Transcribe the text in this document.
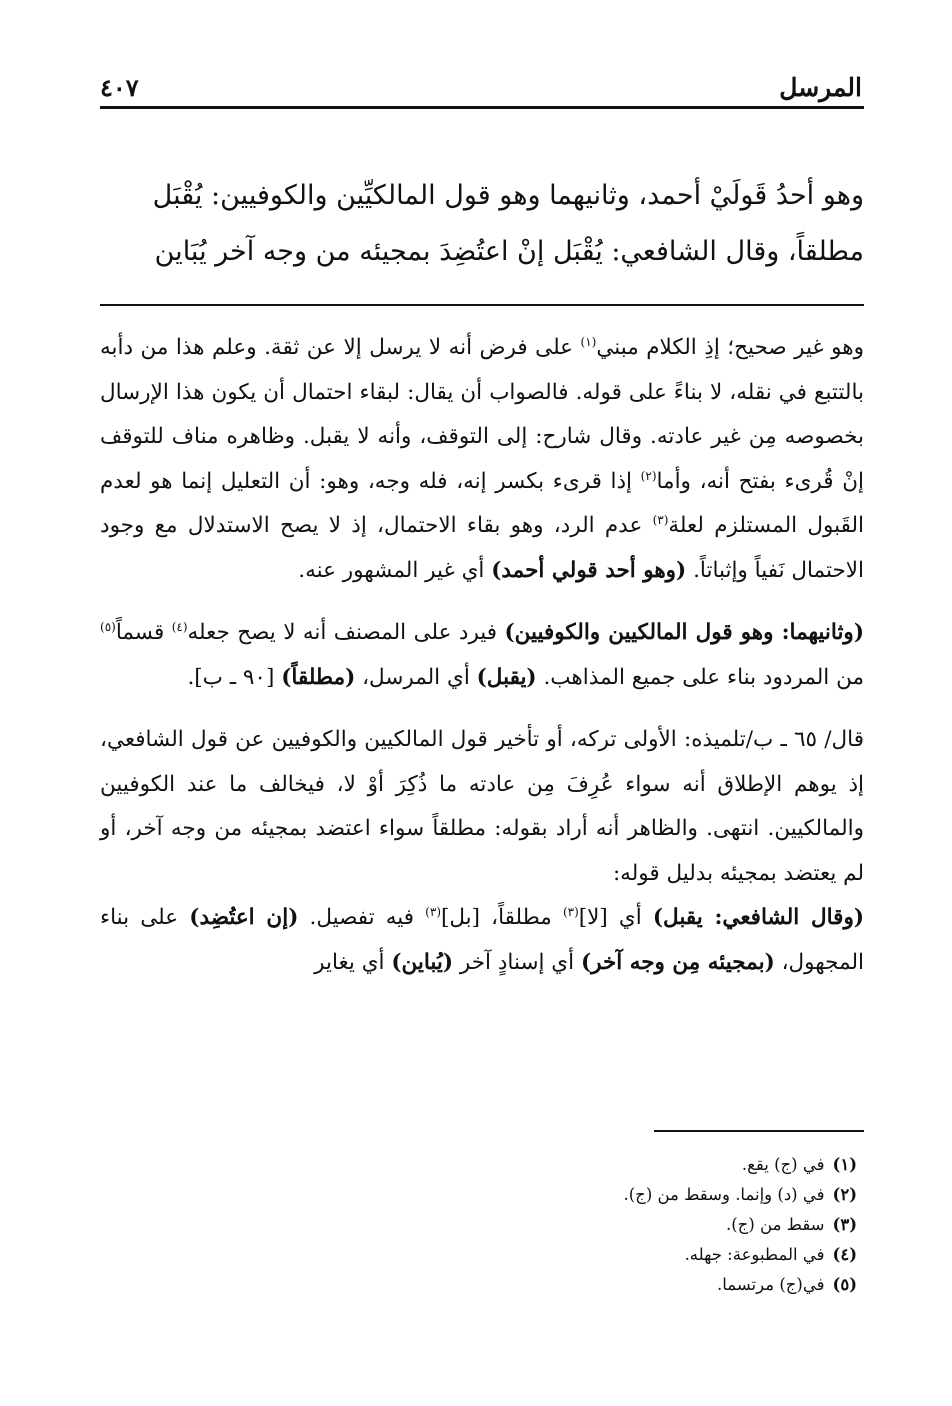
المرسل
٤٠٧

وهو أحدُ قَولَيْ أحمد، وثانيهما وهو قول المالكيِّين والكوفيين: يُقْبَل

مطلقاً، وقال الشافعي: يُقْبَل إنْ اعتُضِدَ بمجيئه من وجه آخر يُبَاين

وهو غير صحيح؛ إذِ الكلام مبني$^{(١)}$ على فرض أنه لا يرسل إلا عن ثقة. وعلم هذا من دأبه بالتتبع في نقله، لا بناءً على قوله. فالصواب أن يقال: لبقاء احتمال أن يكون هذا الإرسال بخصوصه مِن غير عادته. وقال شارح: إلى التوقف، وأنه لا يقبل. وظاهره مناف للتوقف إنْ قُرىء بفتح أنه، وأما$^{(٢)}$ إذا قرىء بكسر إنه، فله وجه، وهو: أن التعليل إنما هو لعدم القَبول المستلزم لعلة$^{(٣)}$ عدم الرد، وهو بقاء الاحتمال، إذ لا يصح الاستدلال مع وجود الاحتمال نَفياً وإثباتاً. (وهو أحد قولي أحمد) أي غير المشهور عنه.

(وثانيهما: وهو قول المالكيين والكوفيين) فيرد على المصنف أنه لا يصح جعله$^{(٤)}$ قسماً$^{(٥)}$ من المردود بناء على جميع المذاهب. (يقبل) أي المرسل، (مطلقاً) [٩٠ ـ ب].

قال/ ٦٥ ـ ب/تلميذه: الأولى تركه، أو تأخير قول المالكيين والكوفيين عن قول الشافعي، إذ يوهم الإطلاق أنه سواء عُرِفَ مِن عادته ما ذُكِرَ أوْ لا، فيخالف ما عند الكوفيين والمالكيين. انتهى. والظاهر أنه أراد بقوله: مطلقاً سواء اعتضد بمجيئه من وجه آخر، أو لم يعتضد بمجيئه بدليل قوله:

(وقال الشافعي: يقبل) أي [لا]$^{(٣)}$ مطلقاً، [بل]$^{(٣)}$ فيه تفصيل. (إن اعتُضِد) على بناء المجهول، (بمجيئه مِن وجه آخر) أي إسنادٍ آخر (يُباين) أي يغاير

(١)في (ج) يقع.
(٢)في (د) وإنما. وسقط من (ج).
(٣)سقط من (ج).
(٤)في المطبوعة: جهله.
(٥)في(ج) مرتسما.
